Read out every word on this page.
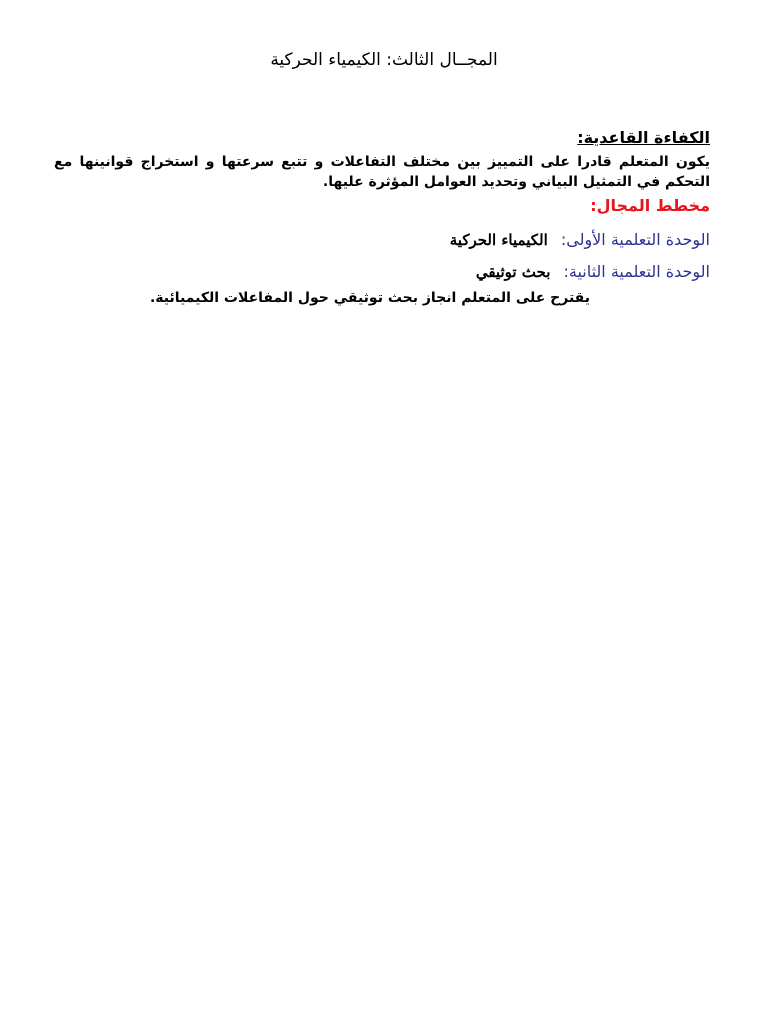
المجــال الثالث: الكيمياء الحركية
الكفاءة القاعدية:

يكون المتعلم قادرا على التمييز بين مختلف التفاعلات و تتبع سرعتها و استخراج قوانينها مع التحكم في التمثيل البياني وتحديد العوامل المؤثرة عليها.

مخطط المجال:

الوحدة التعلمية الأولى: الكيمياء الحركية

الوحدة التعلمية الثانية: بحث توثيقي

يقترح على المتعلم انجاز بحث توثيقي حول المفاعلات الكيميائية.
